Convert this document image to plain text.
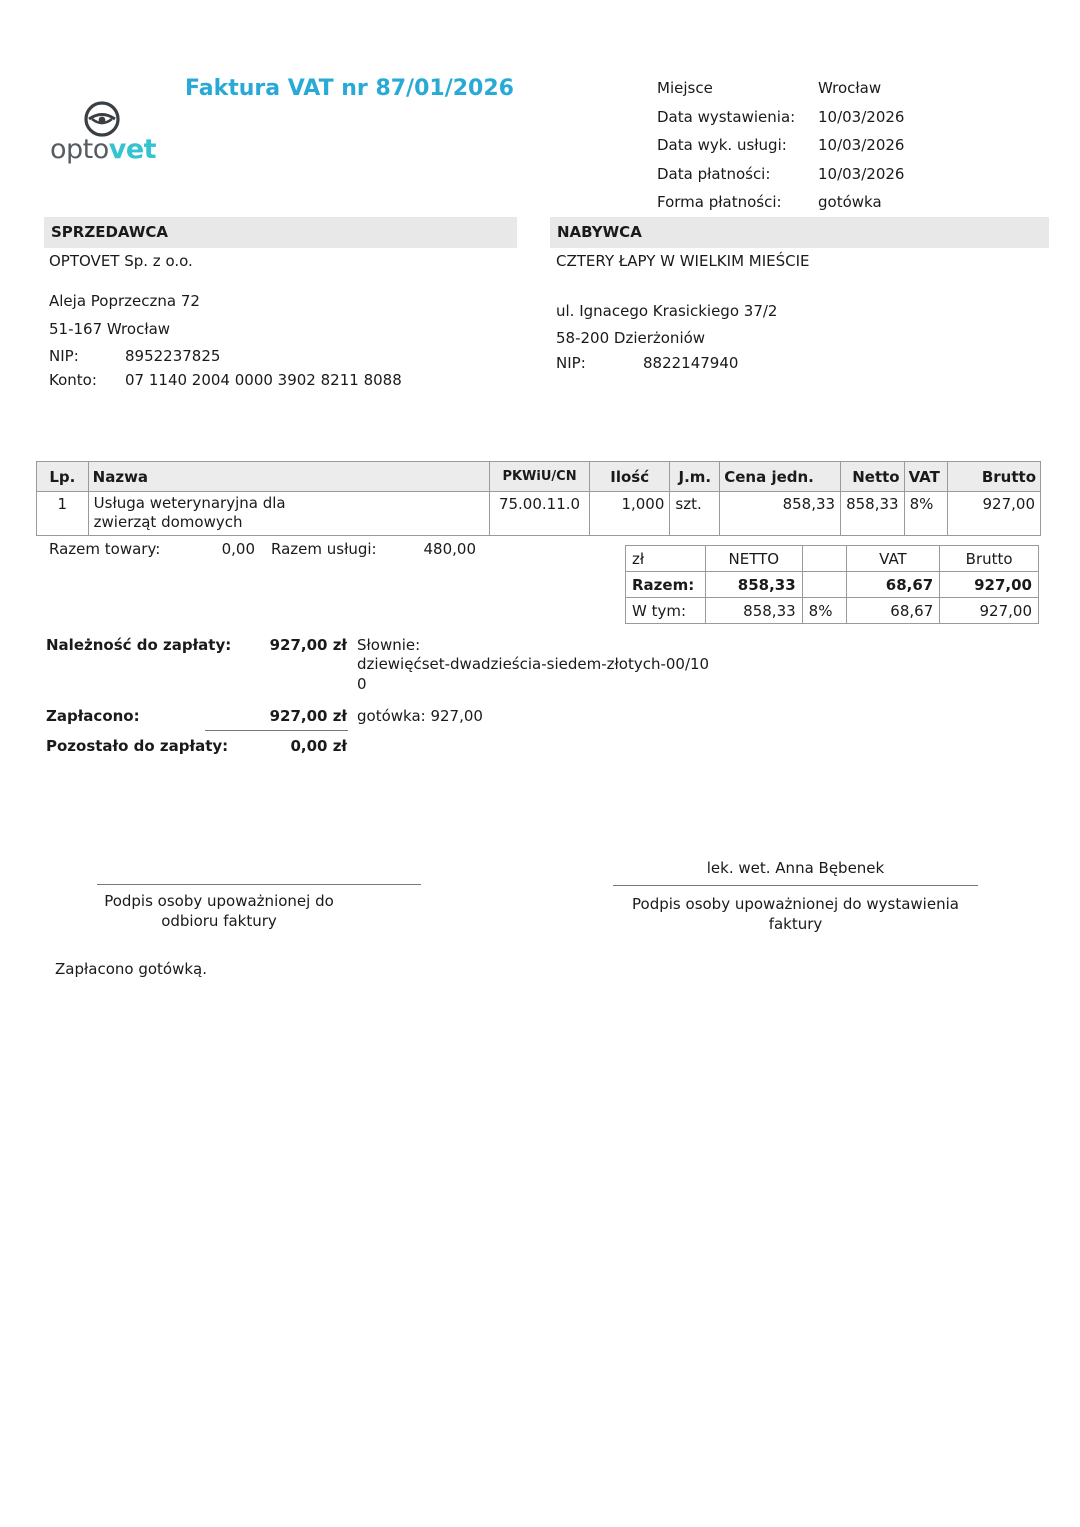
Faktura VAT nr 87/01/2026
optovet
Miejsce	Wrocław
Data wystawienia:	10/03/2026
Data wyk. usługi:	10/03/2026
Data płatności:	10/03/2026
Forma płatności:	gotówka
SPRZEDAWCA
OPTOVET Sp. z o.o.
Aleja Poprzeczna 72
51-167 Wrocław
NIP:	8952237825
Konto:	07 1140 2004 0000 3902 8211 8088
NABYWCA
CZTERY ŁAPY W WIELKIM MIEŚCIE
ul. Ignacego Krasickiego 37/2
58-200 Dzierżoniów
NIP:	8822147940
Lp.	Nazwa	PKWiU/CN	Ilość	J.m.	Cena jedn.	Netto	VAT	Brutto
1	Usługa weterynaryjna dla
zwierząt domowych	75.00.11.0	1,000	szt.	858,33	858,33	8%	927,00
Razem towary:	0,00 Razem usługi:	480,00
zł	NETTO		VAT	Brutto
Razem:	858,33		68,67	927,00
W tym:	858,33	8%	68,67	927,00
Należność do zapłaty:	927,00 zł Słownie:
dziewięćset-dwadzieścia-siedem-złotych-00/10
0
Zapłacono:	927,00 zł gotówka: 927,00
Pozostało do zapłaty:	0,00 zł
Podpis osoby upoważnionej do
odbioru faktury
lek. wet. Anna Bębenek
Podpis osoby upoważnionej do wystawienia
faktury
Zapłacono gotówką.
